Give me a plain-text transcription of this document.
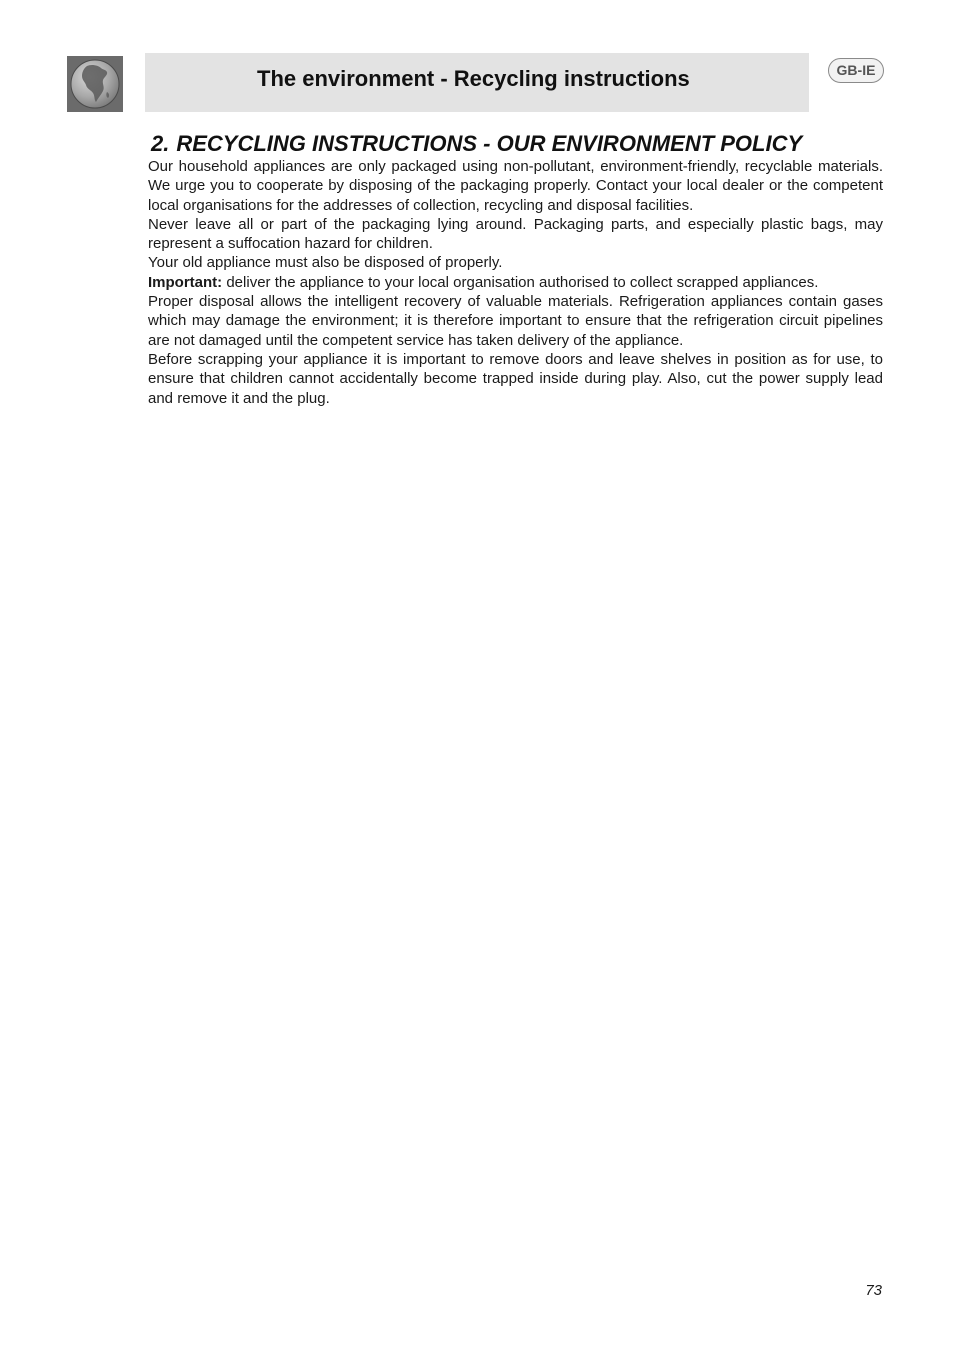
The environment - Recycling instructions	GB-IE
2. RECYCLING INSTRUCTIONS - OUR ENVIRONMENT POLICY

Our household appliances are only packaged using non-pollutant, environment-friendly, recyclable materials. We urge you to cooperate by disposing of the packaging properly. Contact your local dealer or the competent local organisations for the addresses of collection, recycling and disposal facilities.

Never leave all or part of the packaging lying around. Packaging parts, and especially plastic bags, may represent a suffocation hazard for children.

Your old appliance must also be disposed of properly.

Important: deliver the appliance to your local organisation authorised to collect scrapped appliances.

Proper disposal allows the intelligent recovery of valuable materials. Refrigeration appliances contain gases which may damage the environment; it is therefore important to ensure that the refrigeration circuit pipelines are not damaged until the competent service has taken delivery of the appliance.

Before scrapping your appliance it is important to remove doors and leave shelves in position as for use, to ensure that children cannot accidentally become trapped inside during play. Also, cut the power supply lead and remove it and the plug.

73
